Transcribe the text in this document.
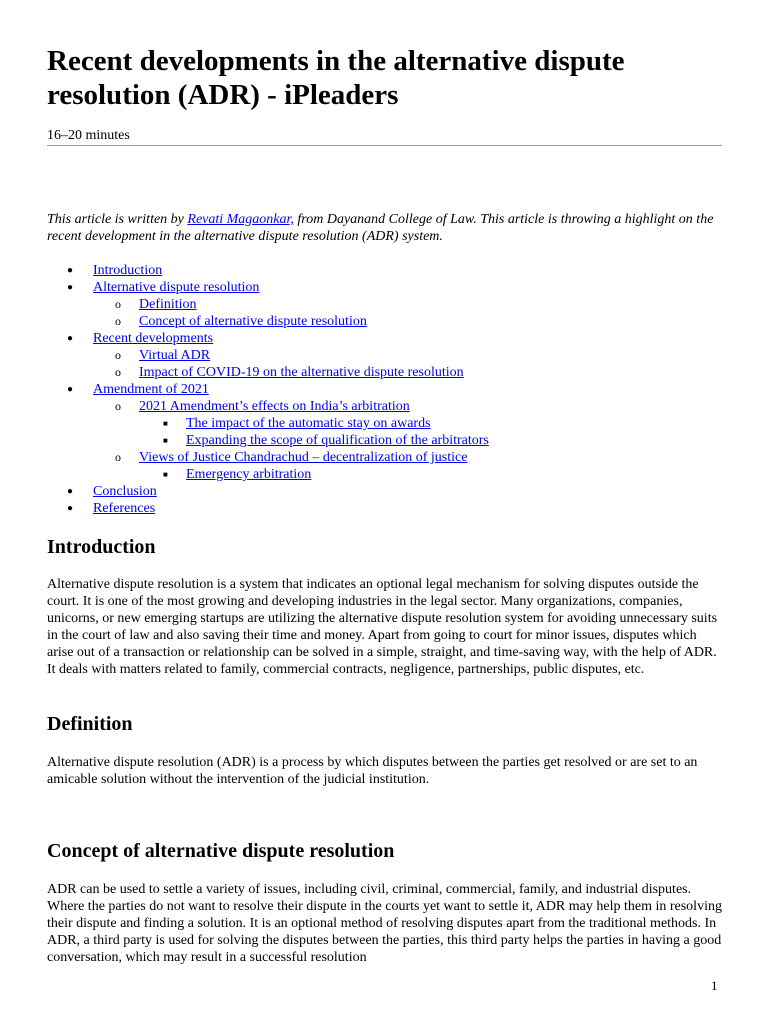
Recent developments in the alternative dispute resolution (ADR) - iPleaders
16–20 minutes
This article is written by Revati Magaonkar, from Dayanand College of Law. This article is throwing a highlight on the recent development in the alternative dispute resolution (ADR) system.
● Introduction
● Alternative dispute resolution
o Definition
o Concept of alternative dispute resolution
● Recent developments
o Virtual ADR
o Impact of COVID-19 on the alternative dispute resolution
● Amendment of 2021
o 2021 Amendment’s effects on India’s arbitration
■ The impact of the automatic stay on awards
■ Expanding the scope of qualification of the arbitrators
o Views of Justice Chandrachud – decentralization of justice
■ Emergency arbitration
● Conclusion
● References
Introduction

Alternative dispute resolution is a system that indicates an optional legal mechanism for solving disputes outside the court. It is one of the most growing and developing industries in the legal sector. Many organizations, companies, unicorns, or new emerging startups are utilizing the alternative dispute resolution system for avoiding unnecessary suits in the court of law and also saving their time and money. Apart from going to court for minor issues, disputes which arise out of a transaction or relationship can be solved in a simple, straight, and time-saving way, with the help of ADR. It deals with matters related to family, commercial contracts, negligence, partnerships, public disputes, etc.

Definition

Alternative dispute resolution (ADR) is a process by which disputes between the parties get resolved or are set to an amicable solution without the intervention of the judicial institution.

Concept of alternative dispute resolution

ADR can be used to settle a variety of issues, including civil, criminal, commercial, family, and industrial disputes. Where the parties do not want to resolve their dispute in the courts yet want to settle it, ADR may help them in resolving their dispute and finding a solution. It is an optional method of resolving disputes apart from the traditional methods. In ADR, a third party is used for solving the disputes between the parties, this third party helps the parties in having a good conversation, which may result in a successful resolution

1
